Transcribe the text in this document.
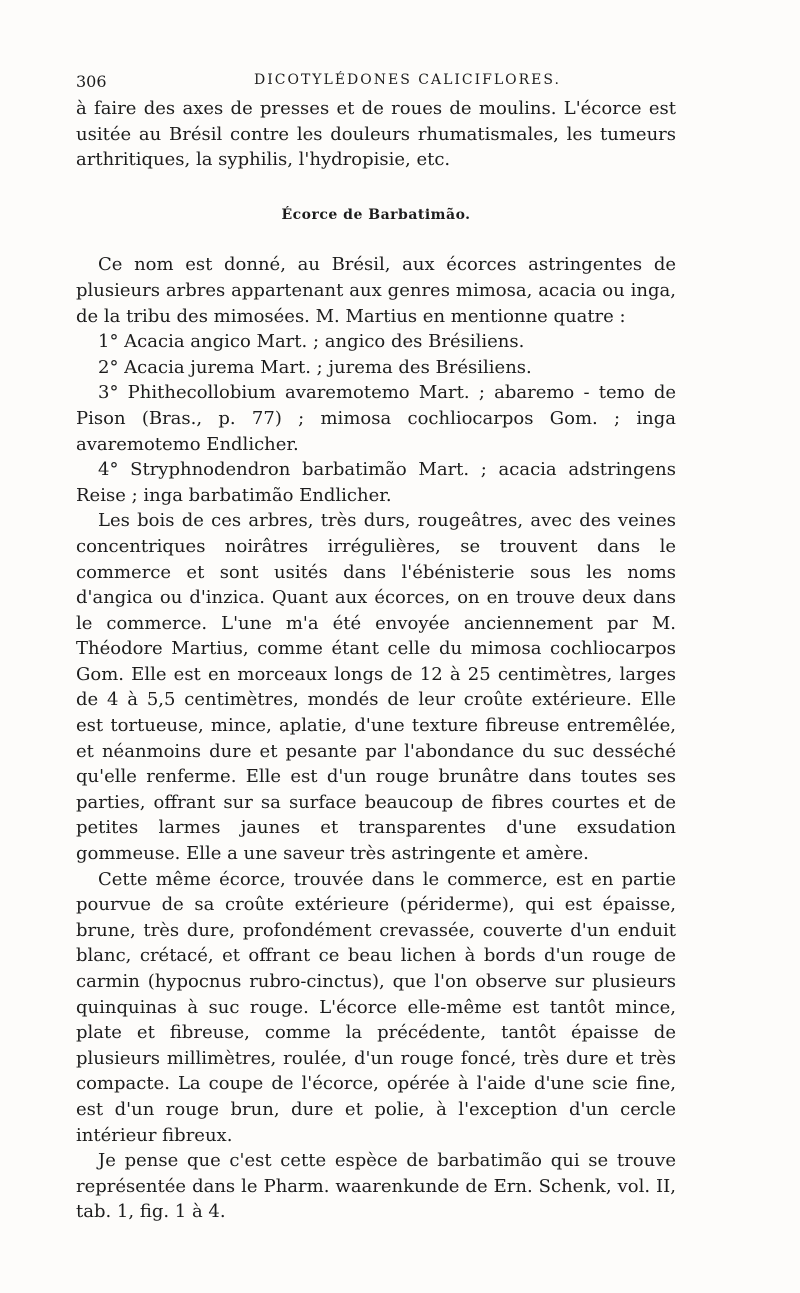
306	DICOTYLÉDONES CALICIFLORES.

à faire des axes de presses et de roues de moulins. L'écorce est usitée au Brésil contre les douleurs rhumatismales, les tumeurs arthritiques, la syphilis, l'hydropisie, etc.

Écorce de Barbatimão.

Ce nom est donné, au Brésil, aux écorces astringentes de plusieurs arbres appartenant aux genres mimosa, acacia ou inga, de la tribu des mimosées. M. Martius en mentionne quatre :

1° Acacia angico Mart. ; angico des Brésiliens.

2° Acacia jurema Mart. ; jurema des Brésiliens.

3° Phithecollobium avaremotemo Mart. ; abaremo - temo de Pison (Bras., p. 77) ; mimosa cochliocarpos Gom. ; inga avaremotemo Endlicher.

4° Stryphnodendron barbatimão Mart. ; acacia adstringens Reise ; inga barbatimão Endlicher.

Les bois de ces arbres, très durs, rougeâtres, avec des veines concentriques noirâtres irrégulières, se trouvent dans le commerce et sont usités dans l'ébénisterie sous les noms d'angica ou d'inzica. Quant aux écorces, on en trouve deux dans le commerce. L'une m'a été envoyée anciennement par M. Théodore Martius, comme étant celle du mimosa cochliocarpos Gom. Elle est en morceaux longs de 12 à 25 centimètres, larges de 4 à 5,5 centimètres, mondés de leur croûte extérieure. Elle est tortueuse, mince, aplatie, d'une texture fibreuse entremêlée, et néanmoins dure et pesante par l'abondance du suc desséché qu'elle renferme. Elle est d'un rouge brunâtre dans toutes ses parties, offrant sur sa surface beaucoup de fibres courtes et de petites larmes jaunes et transparentes d'une exsudation gommeuse. Elle a une saveur très astringente et amère.

Cette même écorce, trouvée dans le commerce, est en partie pourvue de sa croûte extérieure (périderme), qui est épaisse, brune, très dure, profondément crevassée, couverte d'un enduit blanc, crétacé, et offrant ce beau lichen à bords d'un rouge de carmin (hypocnus rubro-cinctus), que l'on observe sur plusieurs quinquinas à suc rouge. L'écorce elle-même est tantôt mince, plate et fibreuse, comme la précédente, tantôt épaisse de plusieurs millimètres, roulée, d'un rouge foncé, très dure et très compacte. La coupe de l'écorce, opérée à l'aide d'une scie fine, est d'un rouge brun, dure et polie, à l'exception d'un cercle intérieur fibreux.

Je pense que c'est cette espèce de barbatimão qui se trouve représentée dans le Pharm. waarenkunde de Ern. Schenk, vol. II, tab. 1, fig. 1 à 4.
